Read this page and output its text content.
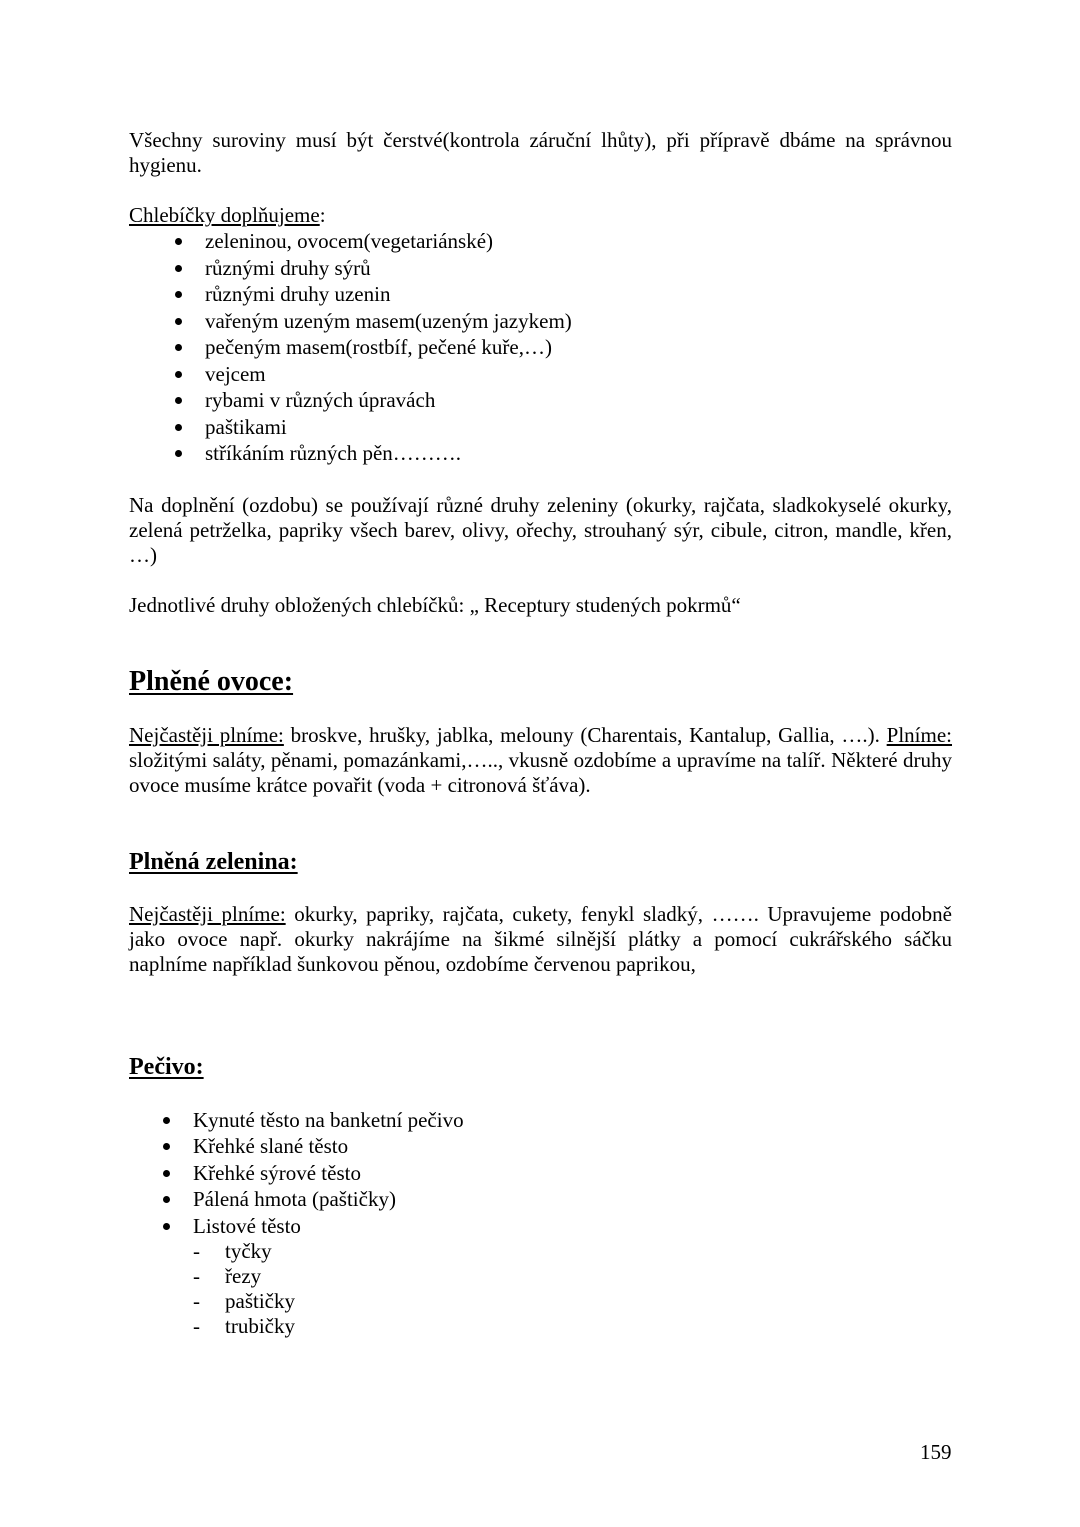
Všechny suroviny musí být čerstvé(kontrola záruční lhůty), při přípravě dbáme na správnou hygienu.

Chlebíčky doplňujeme:

zeleninou, ovocem(vegetariánské)
různými druhy sýrů
různými druhy uzenin
vařeným uzeným masem(uzeným jazykem)
pečeným masem(rostbíf, pečené kuře,…)
vejcem
rybami v různých úpravách
paštikami
stříkáním různých pěn……….

Na doplnění (ozdobu) se používají různé druhy zeleniny (okurky, rajčata, sladkokyselé okurky, zelená petrželka, papriky všech barev, olivy, ořechy, strouhaný sýr, cibule, citron, mandle, křen, …)

Jednotlivé druhy obložených chlebíčků: „ Receptury studených pokrmů“

Plněné ovoce:

Nejčastěji plníme: broskve, hrušky, jablka, melouny (Charentais, Kantalup, Gallia, ….). Plníme: složitými saláty, pěnami, pomazánkami,….., vkusně ozdobíme a upravíme na talíř. Některé druhy ovoce musíme krátce povařit (voda + citronová šťáva).

Plněná zelenina:

Nejčastěji plníme: okurky, papriky, rajčata, cukety, fenykl sladký, ……. Upravujeme podobně jako ovoce např. okurky nakrájíme na šikmé silnější plátky a pomocí cukrářského sáčku naplníme například šunkovou pěnou, ozdobíme červenou paprikou,

Pečivo:
Kynuté těsto na banketní pečivo
Křehké slané těsto
Křehké sýrové těsto
Pálená hmota (paštičky)
Listové těsto
- tyčky
- řezy
- paštičky
- trubičky
159
